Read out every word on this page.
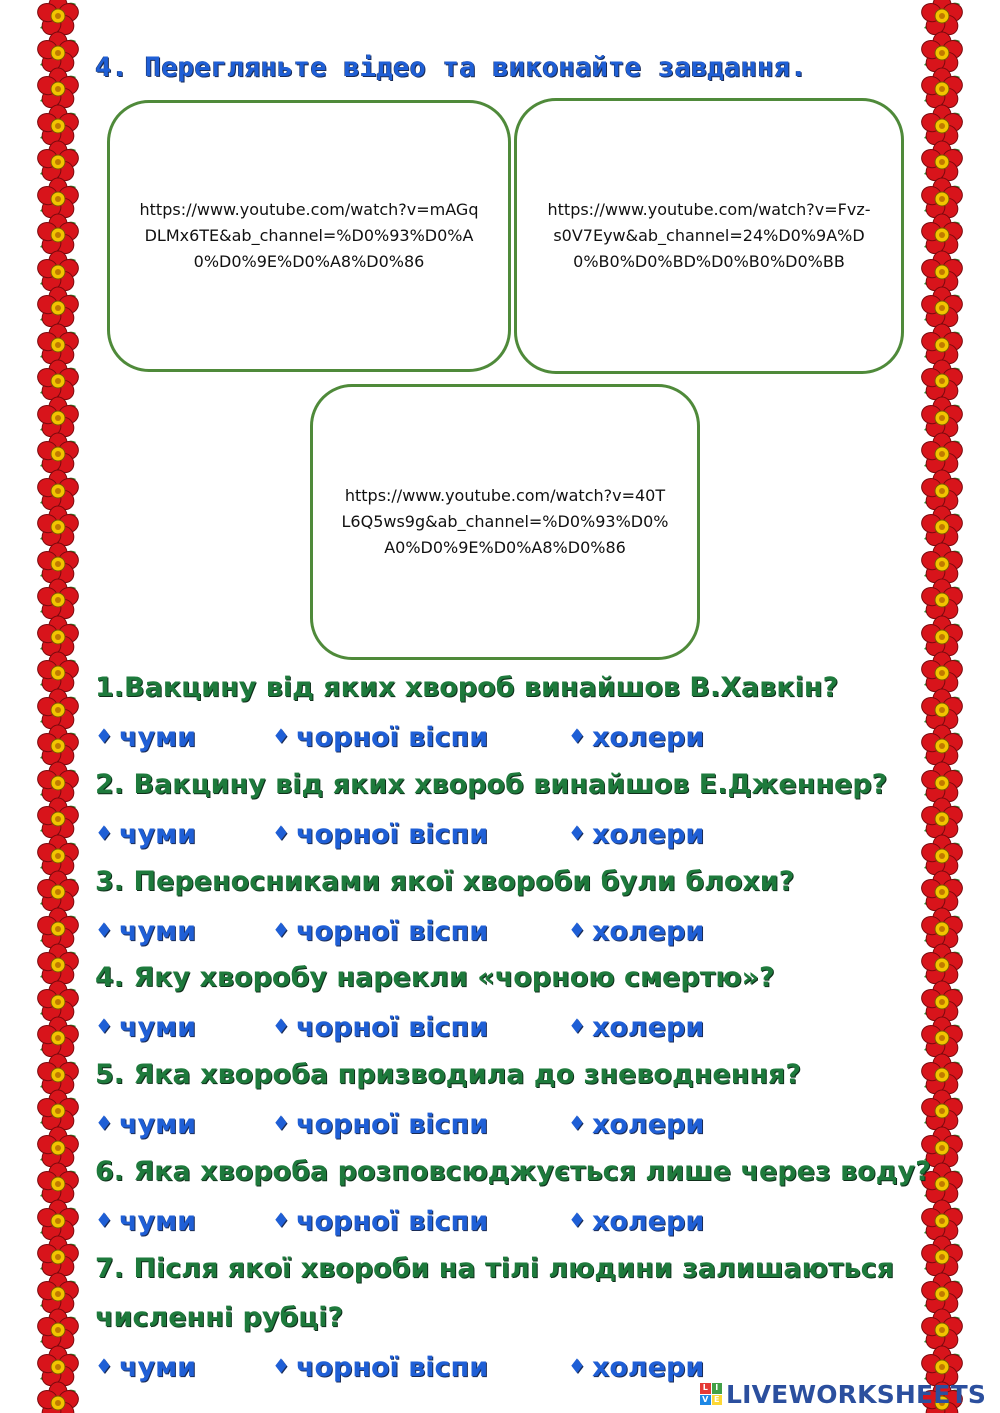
4. Перегляньте відео та виконайте завдання.
https://www.youtube.com/watch?v=mAGqDLMx6TE&ab_channel=%D0%93%D0%A0%D0%9E%D0%A8%D0%86
https://www.youtube.com/watch?v=Fvz-s0V7Eyw&ab_channel=24%D0%9A%D0%B0%D0%BD%D0%B0%D0%BB
https://www.youtube.com/watch?v=40TL6Q5ws9g&ab_channel=%D0%93%D0%A0%D0%9E%D0%A8%D0%86

1.Вакцину від яких хвороб винайшов В.Хавкін?

♦ чуми	♦ чорної віспи	♦ холери

2. Вакцину від яких хвороб винайшов Е.Дженнер?

♦ чуми	♦ чорної віспи	♦ холери

3. Переносниками якої хвороби були блохи?

♦ чуми	♦ чорної віспи	♦ холери

4. Яку хворобу нарекли «чорною смертю»?

♦ чуми	♦ чорної віспи	♦ холери

5. Яка хвороба призводила до зневоднення?

♦ чуми	♦ чорної віспи	♦ холери

6. Яка хвороба розповсюджується лише через воду?

♦ чуми	♦ чорної віспи	♦ холери

7. Після якої хвороби на тілі людини залишаються

численні рубці?

♦ чуми	♦ чорної віспи	♦ холери
L I
V E LIVEWORKSHEETS
